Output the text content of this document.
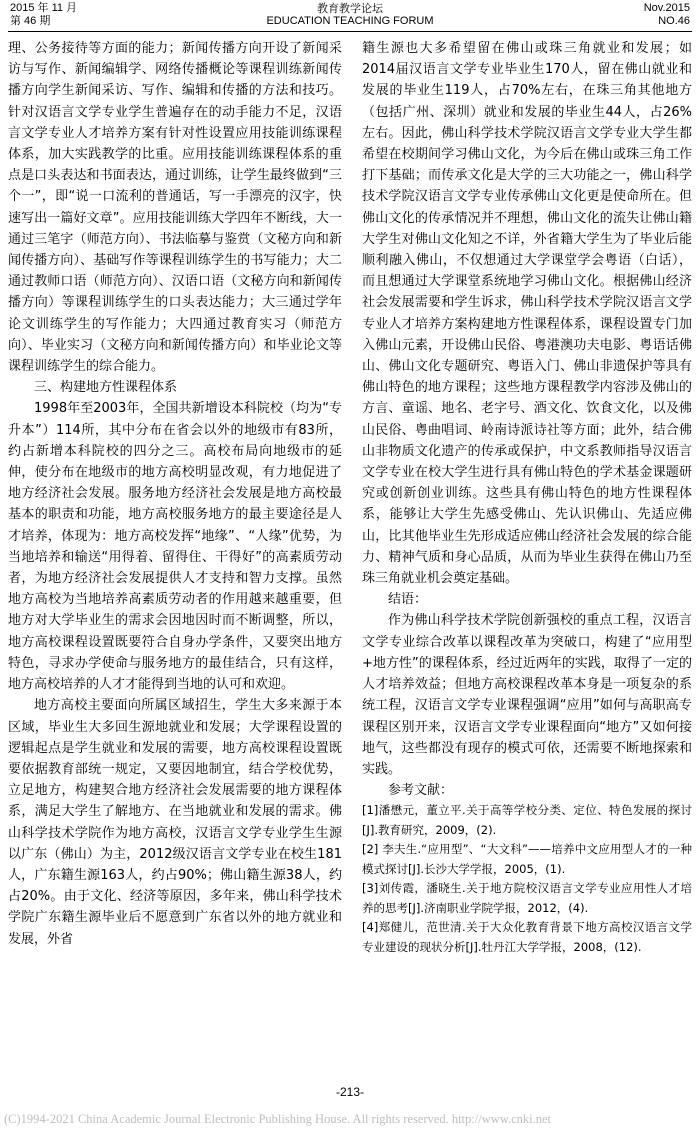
2015 年 11 月
第 46 期
教育教学论坛
EDUCATION TEACHING FORUM
Nov.2015
NO.46

理、公务接待等方面的能力；新闻传播方向开设了新闻采访与写作、新闻编辑学、网络传播概论等课程训练新闻传播方向学生新闻采访、写作、编辑和传播的方法和技巧。针对汉语言文学专业学生普遍存在的动手能力不足，汉语言文学专业人才培养方案有针对性设置应用技能训练课程体系，加大实践教学的比重。应用技能训练课程体系的重点是口头表达和书面表达，通过训练，让学生最终做到“三个一”，即“说一口流利的普通话，写一手漂亮的汉字，快速写出一篇好文章”。应用技能训练大学四年不断线，大一通过三笔字（师范方向）、书法临摹与鉴赏（文秘方向和新闻传播方向）、基础写作等课程训练学生的书写能力；大二通过教师口语（师范方向）、汉语口语（文秘方向和新闻传播方向）等课程训练学生的口头表达能力；大三通过学年论文训练学生的写作能力；大四通过教育实习（师范方向）、毕业实习（文秘方向和新闻传播方向）和毕业论文等课程训练学生的综合能力。

三、构建地方性课程体系

1998年至2003年，全国共新增设本科院校（均为“专升本”）114所，其中分布在省会以外的地级市有83所，约占新增本科院校的四分之三。高校布局向地级市的延伸，使分布在地级市的地方高校明显改观，有力地促进了地方经济社会发展。服务地方经济社会发展是地方高校最基本的职责和功能，地方高校服务地方的最主要途径是人才培养，体现为：地方高校发挥“地缘”、“人缘”优势，为当地培养和输送“用得着、留得住、干得好”的高素质劳动者，为地方经济社会发展提供人才支持和智力支撑。虽然地方高校为当地培养高素质劳动者的作用越来越重要，但地方对大学毕业生的需求会因地因时而不断调整，所以，地方高校课程设置既要符合自身办学条件，又要突出地方特色，寻求办学使命与服务地方的最佳结合，只有这样，地方高校培养的人才才能得到当地的认可和欢迎。

地方高校主要面向所属区域招生，学生大多来源于本区域，毕业生大多回生源地就业和发展；大学课程设置的逻辑起点是学生就业和发展的需要，地方高校课程设置既要依据教育部统一规定，又要因地制宜，结合学校优势，立足地方，构建契合地方经济社会发展需要的地方课程体系，满足大学生了解地方、在当地就业和发展的需求。佛山科学技术学院作为地方高校，汉语言文学专业学生生源以广东（佛山）为主，2012级汉语言文学专业在校生181人，广东籍生源163人，约占90%；佛山籍生源38人，约占20%。由于文化、经济等原因，多年来，佛山科学技术学院广东籍生源毕业后不愿意到广东省以外的地方就业和发展，外省

籍生源也大多希望留在佛山或珠三角就业和发展；如2014届汉语言文学专业毕业生170人，留在佛山就业和发展的毕业生119人，占70%左右，在珠三角其他地方（包括广州、深圳）就业和发展的毕业生44人，占26%左右。因此，佛山科学技术学院汉语言文学专业大学生都希望在校期间学习佛山文化，为今后在佛山或珠三角工作打下基础；而传承文化是大学的三大功能之一，佛山科学技术学院汉语言文学专业传承佛山文化更是使命所在。但佛山文化的传承情况并不理想，佛山文化的流失让佛山籍大学生对佛山文化知之不详，外省籍大学生为了毕业后能顺利融入佛山，不仅想通过大学课堂学会粤语（白话），而且想通过大学课堂系统地学习佛山文化。根据佛山经济社会发展需要和学生诉求，佛山科学技术学院汉语言文学专业人才培养方案构建地方性课程体系，课程设置专门加入佛山元素，开设佛山民俗、粤港澳功夫电影、粤语话佛山、佛山文化专题研究、粤语入门、佛山非遗保护等具有佛山特色的地方课程；这些地方课程教学内容涉及佛山的方言、童谣、地名、老字号、酒文化、饮食文化，以及佛山民俗、粤曲唱词、岭南诗派诗社等方面；此外，结合佛山非物质文化遗产的传承或保护，中文系教师指导汉语言文学专业在校大学生进行具有佛山特色的学术基金课题研究或创新创业训练。这些具有佛山特色的地方性课程体系，能够让大学生先感受佛山、先认识佛山、先适应佛山，比其他毕业生先形成适应佛山经济社会发展的综合能力、精神气质和身心品质，从而为毕业生获得在佛山乃至珠三角就业机会奠定基础。

结语：

作为佛山科学技术学院创新强校的重点工程，汉语言文学专业综合改革以课程改革为突破口，构建了“应用型+地方性”的课程体系，经过近两年的实践，取得了一定的人才培养效益；但地方高校课程改革本身是一项复杂的系统工程，汉语言文学专业课程强调“应用”如何与高职高专课程区别开来，汉语言文学专业课程面向“地方”又如何接地气，这些都没有现存的模式可依，还需要不断地探索和实践。

参考文献：

[1]潘懋元，董立平.关于高等学校分类、定位、特色发展的探讨[J].教育研究，2009，(2).

[2] 李夫生.“应用型”、“大文科”——培养中文应用型人才的一种模式探讨[J].长沙大学学报，2005，(1).

[3]刘传霞，潘晓生.关于地方院校汉语言文学专业应用性人才培养的思考[J].济南职业学院学报，2012，(4).

[4]郑健儿，范世清.关于大众化教育背景下地方高校汉语言文学专业建设的现状分析[J].牡丹江大学学报，2008，(12).

-213-
(C)1994-2021 China Academic Journal Electronic Publishing House. All rights reserved. http://www.cnki.net
